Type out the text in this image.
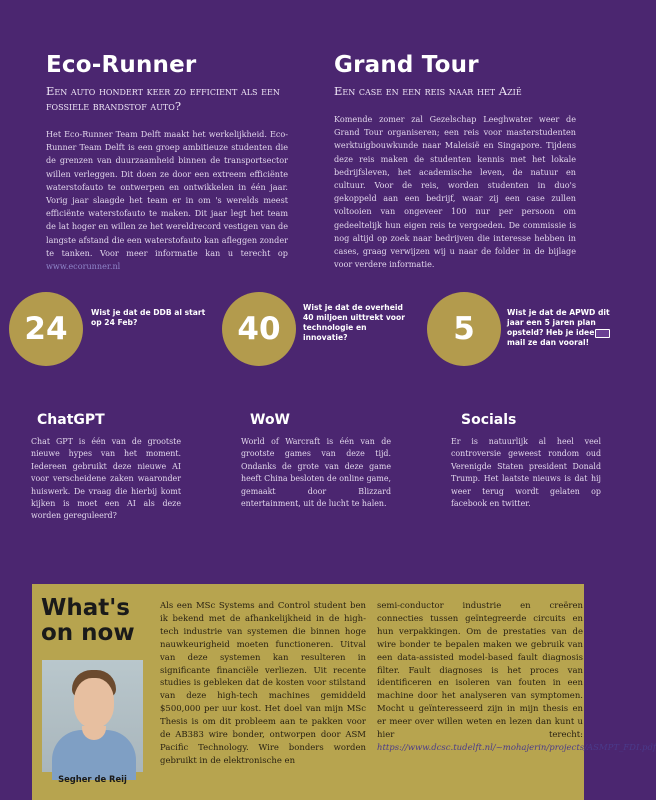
Eco-Runner

Een auto hondert keer zo efficient als een fossiele brandstof auto?

Het Eco-Runner Team Delft maakt het werkelijkheid. Eco-Runner Team Delft is een groep ambitieuze studenten die de grenzen van duurzaamheid binnen de transportsector willen verleggen. Dit doen ze door een extreem efficiënte waterstofauto te ontwerpen en ontwikkelen in één jaar. Vorig jaar slaagde het team er in om 's werelds meest efficiënte waterstofauto te maken. Dit jaar legt het team de lat hoger en willen ze het wereldrecord vestigen van de langste afstand die een waterstofauto kan afleggen zonder te tanken. Voor meer informatie kan u terecht op www.ecorunner.nl

Grand Tour

Een case en een reis naar het Azië

Komende zomer zal Gezelschap Leeghwater weer de Grand Tour organiseren; een reis voor masterstudenten werktuigbouwkunde naar Maleisië en Singapore. Tijdens deze reis maken de studenten kennis met het lokale bedrijfsleven, het academische leven, de natuur en cultuur. Voor de reis, worden studenten in duo's gekoppeld aan een bedrijf, waar zij een case zullen voltooien van ongeveer 100 nur per persoon om gedeeltelijk hun eigen reis te vergoeden. De commissie is nog altijd op zoek naar bedrijven die interesse hebben in cases, graag verwijzen wij u naar de folder in de bijlage voor verdere informatie.

24	Wist je dat de DDB al start op 24 Feb?	40
Wist je dat de overheid 40 miljoen uittrekt voor technologie en innovatie?	5	Wist je dat de APWD dit jaar een 5 jaren plan opsteld? Heb je idee mail ze dan vooral!
ChatGPT

Chat GPT is één van de grootste nieuwe hypes van het moment. Iedereen gebruikt deze nieuwe AI voor verscheidene zaken waaronder huiswerk. De vraag die hierbij komt kijken is moet een AI als deze worden gereguleerd?

WoW

World of Warcraft is één van de grootste games van deze tijd. Ondanks de grote van deze game heeft China besloten de online game, gemaakt door Blizzard entertainment, uit de lucht te halen.

Socials

Er is natuurlijk al heel veel controversie geweest rondom oud Verenigde Staten president Donald Trump. Het laatste nieuws is dat hij weer terug wordt gelaten op facebook en twitter.

What's
on now
Segher de Reij

Als een MSc Systems and Control student ben ik bekend met de afhankelijkheid in de high-tech industrie van systemen die binnen hoge nauwkeurigheid moeten functioneren. Uitval van deze systemen kan resulteren in significante financiële verliezen. Uit recente studies is gebleken dat de kosten voor stilstand van deze high-tech machines gemiddeld $500,000 per uur kost. Het doel van mijn MSc Thesis is om dit probleem aan te pakken voor de AB383 wire bonder, ontworpen door ASM Pacific Technology. Wire bonders worden gebruikt in de elektronische en

semi-conductor industrie en creëren connecties tussen geïntegreerde circuits en hun verpakkingen. Om de prestaties van de wire bonder te bepalen maken we gebruik van een data-assisted model-based fault diagnosis filter. Fault diagnoses is het proces van identificeren en isoleren van fouten in een machine door het analyseren van symptomen. Mocht u geïnteresseerd zijn in mijn thesis en er meer over willen weten en lezen dan kunt u hier terecht: https://www.dcsc.tudelft.nl/~mohajerin/projects/ASMPT_FDI.pdf
